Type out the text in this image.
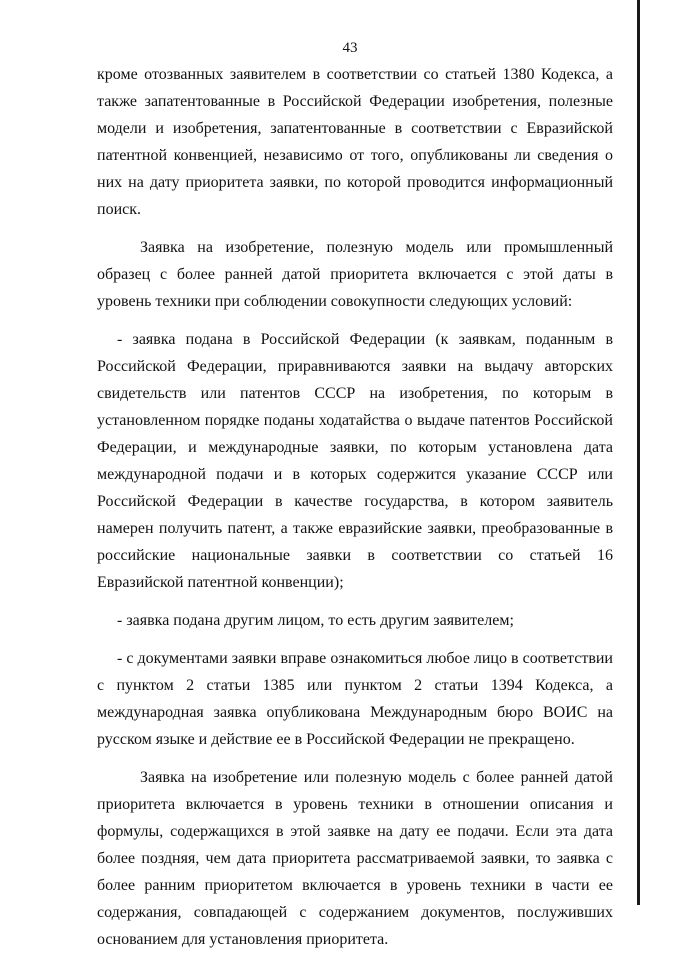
43

кроме отозванных заявителем в соответствии со статьей 1380 Кодекса, а также запатентованные в Российской Федерации изобретения, полезные модели и изобретения, запатентованные в соответствии с Евразийской патентной конвенцией, независимо от того, опубликованы ли сведения о них на дату приоритета заявки, по которой проводится информационный поиск.

Заявка на изобретение, полезную модель или промышленный образец с более ранней датой приоритета включается с этой даты в уровень техники при соблюдении совокупности следующих условий:

- заявка подана в Российской Федерации (к заявкам, поданным в Российской Федерации, приравниваются заявки на выдачу авторских свидетельств или патентов СССР на изобретения, по которым в установленном порядке поданы ходатайства о выдаче патентов Российской Федерации, и международные заявки, по которым установлена дата международной подачи и в которых содержится указание СССР или Российской Федерации в качестве государства, в котором заявитель намерен получить патент, а также евразийские заявки, преобразованные в российские национальные заявки в соответствии со статьей 16 Евразийской патентной конвенции);

- заявка подана другим лицом, то есть другим заявителем;

- с документами заявки вправе ознакомиться любое лицо в соответствии с пунктом 2 статьи 1385 или пунктом 2 статьи 1394 Кодекса, а международная заявка опубликована Международным бюро ВОИС на русском языке и действие ее в Российской Федерации не прекращено.

Заявка на изобретение или полезную модель с более ранней датой приоритета включается в уровень техники в отношении описания и формулы, содержащихся в этой заявке на дату ее подачи. Если эта дата более поздняя, чем дата приоритета рассматриваемой заявки, то заявка с более ранним приоритетом включается в уровень техники в части ее содержания, совпадающей с содержанием документов, послуживших основанием для установления приоритета.
